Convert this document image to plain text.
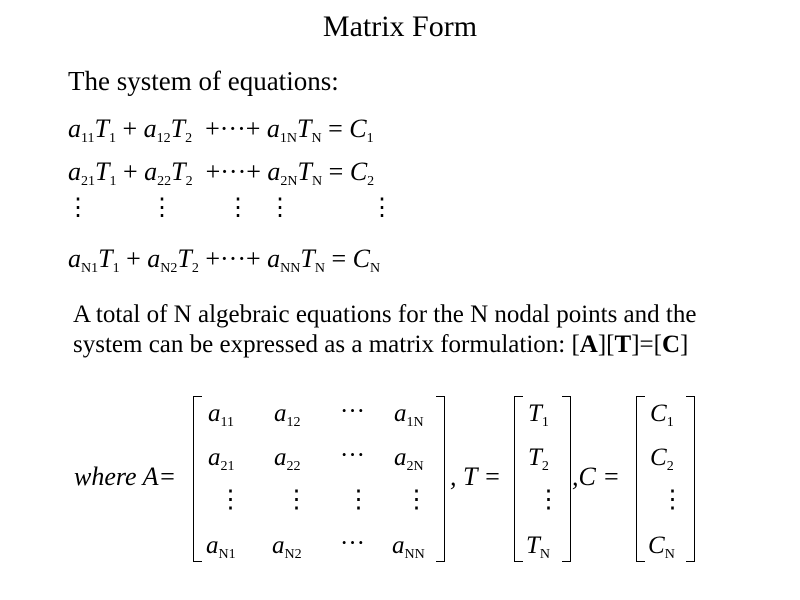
Matrix Form
The system of equations:
$a_{11}T_1 + a_{12}T_2$ +···+ $a_{1N}T_N = C_1$
$a_{21}T_1 + a_{22}T_2$ +···+ $a_{2N}T_N = C_2$
⋮	⋮ ⋮ ⋮	⋮
$a_{N1}T_1 + a_{N2}T_2$ +···+ $a_{NN}T_N = C_N$
A total of N algebraic equations for the N nodal points and the system can be expressed as a matrix formulation: [A][T]=[C]
where A=
$a_{11}$ $a_{12}$ ··· $a_{1N}$
$a_{21}$ $a_{22}$ ··· $a_{2N}$
⋮ ⋮ ⋮ ⋮
$a_{N1}$ $a_{N2}$ ··· $a_{NN}$
, T =
$T_1$
$T_2$
⋮
$T_N$
,C =
$C_1$
$C_2$
⋮
$C_N$
